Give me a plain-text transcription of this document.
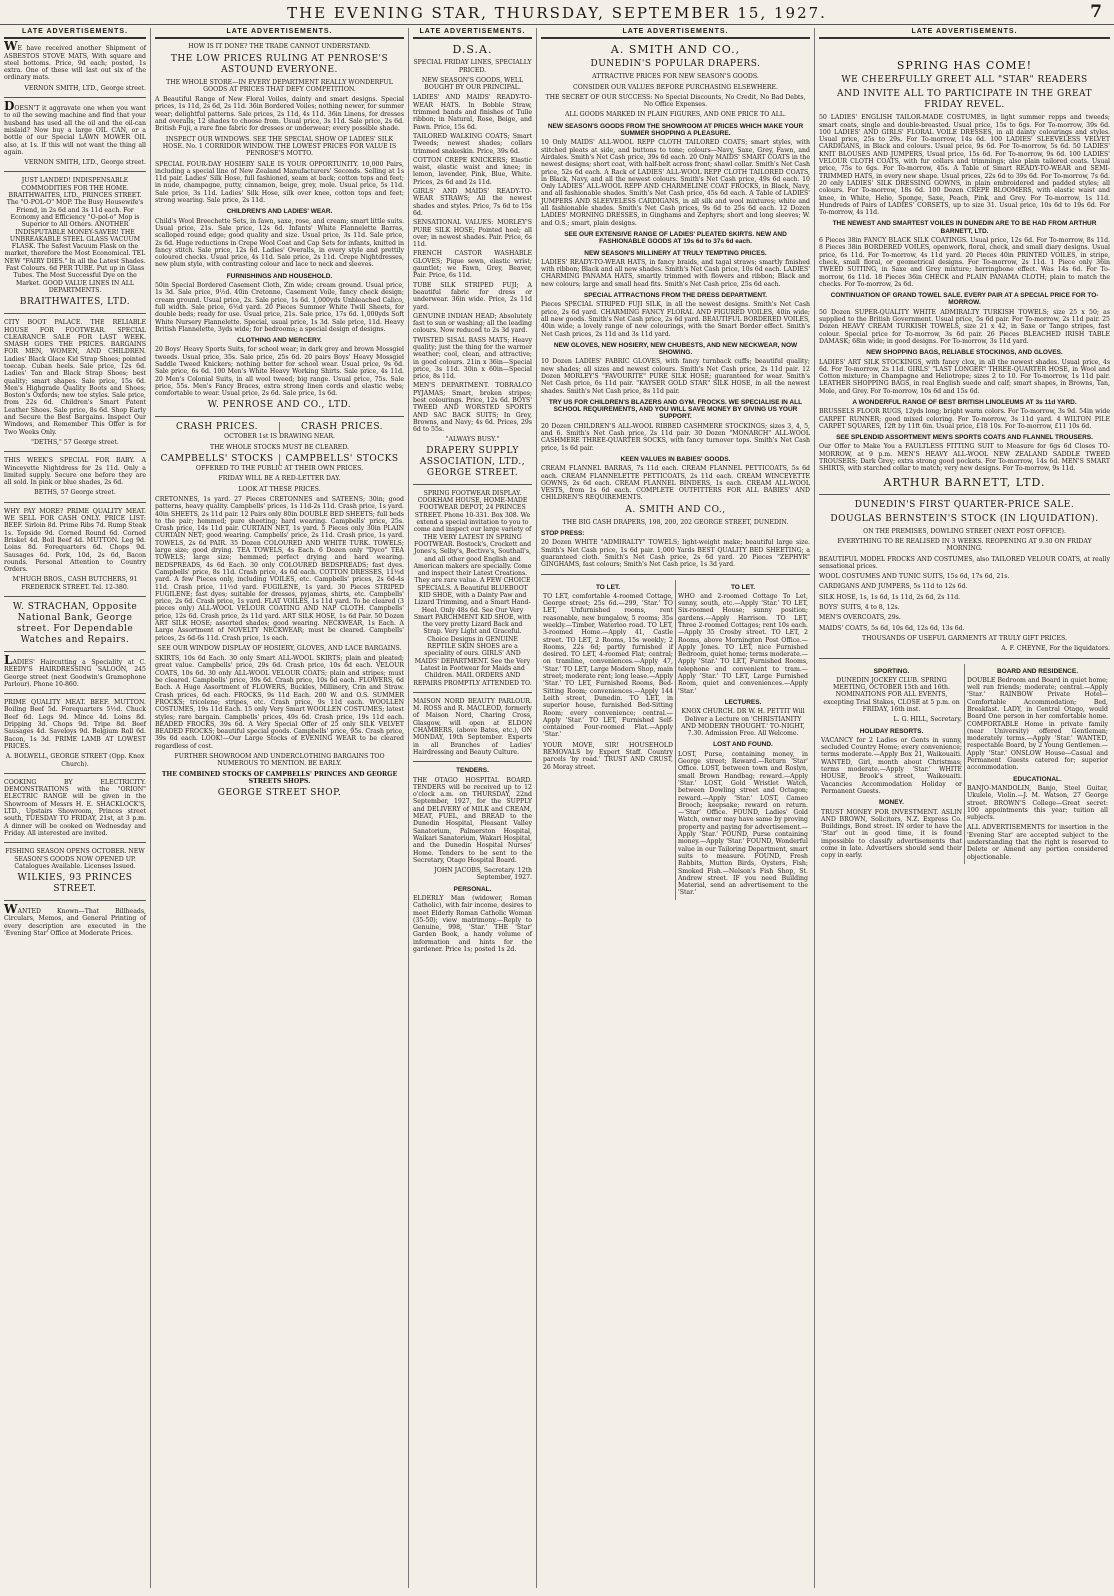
THE EVENING STAR, THURSDAY, SEPTEMBER 15, 1927.	7
LATE ADVERTISEMENTS.

WE have received another Shipment of ASBESTOS STOVE MATS, With square and steel bottoms. Price, 9d each; posted, 1s extra. One of these will last out six of the ordinary mats.

VERNON SMITH, LTD., George street.

DOESN'T it aggravate one when you want to oil the sewing machine and find that your husband has used all the oil and the oil-can mislaid? Now buy a large OIL CAN, or a bottle of our Special LAWN MOWER OIL also, at 1s. If this will not want the thing all again.

VERNON SMITH, LTD., George street.

JUST LANDED! INDISPENSABLE COMMODITIES FOR THE HOME. BRAITHWAITES, LTD., PRINCES STREET. The "O-POL-O" MOP. The Busy Housewife's Friend, in 2s 6d and 3s 11d each. For Economy and Efficiency "O-pol-o" Mop is Superior to All Others. ANOTHER INDISPUTABLE MONEY-SAVER! THE UNBREAKABLE STEEL GLASS VACUUM FLASK. The Safest Vacuum Flask on the market, therefore the Most Economical. TEL NEW "FAIRY DIES." In all the Latest Shades. Fast Colours. 6d PER TUBE. Put up in Glass Tubes. The Most Successful Dye on the Market. GOOD VALUE LINES IN ALL DEPARTMENTS.

BRAITHWAITES, LTD.

CITY BOOT PALACE. THE RELIABLE HOUSE FOR FOOTWEAR. SPECIAL CLEARANCE SALE FOR LAST WEEK. SMASH GOES THE PRICES. BARGAINS FOR MEN, WOMEN, AND CHILDREN. Ladies' Black Glace Kid Strap Shoes; pointed toecap. Cuban heels. Sale price, 12s 6d. Ladies' Tan and Black Strap Shoes; best quality; smart shapes. Sale price, 15s 6d. Men's Highgrade Quality Boots and Shoes; Boston's Oxfords; new toe styles. Sale price, from 22s 6d. Children's Smart Patent Leather Shoes. Sale price, 8s 6d. Shop Early and Secure the Best Bargains. Inspect Our Windows, and Remember This Offer is for Two Weeks Only.

"DETHS," 57 George street.

THIS WEEK'S SPECIAL FOR BABY. A Winceyette Nightdress for 2s 11d. Only a limited supply. Secure one before they are all sold. In pink or blue shades, 2s 6d.

BETHS, 57 George street.

WHY PAY MORE? PRIME QUALITY MEAT. WE SELL FOR CASH ONLY. PRICE LIST: BEEF. Sirloin 8d. Prime Ribs 7d. Rump Steak 1s. Topside 9d. Corned Round 6d. Corned Brisket 4d. Boil Beef 4d. MUTTON. Leg 9d. Loins 8d. Forequarters 6d. Chops 9d. Sausages 6d. Pork, 10d, 2s 6d, Bacon rounds. Personal Attention to Country Orders.

M'HUGH BROS., CASH BUTCHERS, 91 FREDERICK STREET. Tel. 12-380.

W. STRACHAN, Opposite National Bank, George street. For Dependable Watches and Repairs.

LADIES' Haircutting a Speciality at C. REEDY'S HAIRDRESSING SALOON, 245 George street (next Goodwin's Gramophone Parlour). Phone 10-860.

PRIME QUALITY MEAT. BEEF. MUTTON. Boiling Beef 5d. Forequarters 5½d. Chuck Beef 6d. Legs 9d. Mince 4d. Loins 8d. Dripping 3d. Chops 9d. Tripe 8d. Beef Sausages 4d. Saveloys 9d. Belgium Roll 6d. Bacon, 1s 3d. PRIME LAMB AT LOWEST PRICES.

A. BOLWELL, GEORGE STREET (Opp. Knox Church).

COOKING BY ELECTRICITY. DEMONSTRATIONS with the "ORION" ELECTRIC RANGE will be given in the Showroom of Messrs H. E. SHACKLOCK'S, LTD., Upstairs Showroom, Princes street south, TUESDAY TO FRIDAY, 21st, at 3 p.m. A dinner will be cooked on Wednesday and Friday. All interested are invited.

FISHING SEASON OPENS OCTOBER. NEW SEASON'S GOODS NOW OPENED UP. Catalogues Available. Licenses Issued.

WILKIES, 93 PRINCES STREET.

WANTED Known—That Billheads, Circulars, Memos, and General Printing of every description are executed in the 'Evening Star' Office at Moderate Prices.

LATE ADVERTISEMENTS.

HOW IS IT DONE? THE TRADE CANNOT UNDERSTAND.

THE LOW PRICES RULING AT PENROSE'S ASTOUND EVERYONE.

THE WHOLE STORE—IN EVERY DEPARTMENT REALLY WONDERFUL GOODS AT PRICES THAT DEFY COMPETITION.

A Beautiful Range of New Floral Voiles, dainty and smart designs. Special prices, 1s 11d, 2s 6d, 2s 11d. 36in Bordered Voiles; nothing newer, for summer wear; delightful patterns. Sale prices, 2s 11d, 4s 11d. 36in Linens, for dresses and overalls; 12 shades to choose from. Usual price, 3s 11d. Sale price, 2s 6d. British Fuji, a rare fine fabric for dresses or underwear; every possible shade.

INSPECT OUR WINDOWS. SEE THE SPECIAL SHOW OF LADIES' SILK HOSE. No. 1 CORRIDOR WINDOW. THE LOWEST PRICES FOR VALUE IS PENROSE'S MOTTO.

SPECIAL FOUR-DAY HOSIERY SALE IS YOUR OPPORTUNITY. 10,000 Pairs, including a special line of New Zealand Manufacturers' Seconds. Selling at 1s 11d pair. Ladies' Silk Hose, full fashioned, seam at back; cotton tops and feet; in nude, champagne, putty, cinnamon, beige, grey, mole. Usual price, 5s 11d. Sale price, 3s 11d. Ladies' Silk Hose, silk over knee, cotton tops and feet; strong wearing. Sale price, 2s 11d.

CHILDREN'S AND LADIES' WEAR.

Child's Wool Breechette Sets, in fawn, saxe, rose, and cream; smart little suits. Usual price, 21s. Sale price, 12s 6d. Infants' White Flannelette Barras, scalloped round edge; good quality and size. Usual price, 3s 11d. Sale price, 2s 6d. Huge reductions in Crepe Wool Coat and Cap Sets for infants, knitted in fancy stitch. Sale price, 12s 6d. Ladies' Overalls, in every style and prettily coloured checks. Usual price, 4s 11d. Sale price, 2s 11d. Crepe Nightdresses, new plum style, with contrasting colour and lace to neck and sleeves.

FURNISHINGS AND HOUSEHOLD.

50in Special Bordered Casement Cloth, Zin wide; cream ground. Usual price, 1s 3d. Sale price, 9½d. 40in Cretonne, Casement Voile, fancy check design; cream ground. Usual price, 2s. Sale price, 1s 6d. 1,000yds Unbleached Calico, full width. Sale price, 6½d yard. 20 Pieces Summer White Twill Sheets, for double beds; ready for use. Usual price, 21s. Sale price, 17s 6d. 1,000yds Soft White Nursery Flannelette. Special, usual price, 1s 3d. Sale price, 11d. Heavy British Flannelette, 3yds wide; for bedrooms; a special design of designs.

CLOTHING AND MERCERY.

20 Boys' Heavy Sports Suits, for school wear; in dark grey and brown Mossgiel tweeds. Usual price, 35s. Sale price, 25s 6d. 20 pairs Boys' Heavy Mossgiel Saddle Tweed Knickers; nothing better for school wear. Usual price, 9s 6d. Sale price, 6s 6d. 100 Men's White Heavy Working Shirts. Sale price, 4s 11d. 20 Men's Colonial Suits, in all wool tweed; big range. Usual price, 75s. Sale price, 55s. Men's Fancy Braces, extra strong linen cords and elastic webs; comfortable to wear. Usual price, 2s 6d. Sale price, 1s 6d.

W. PENROSE AND CO., LTD.

CRASH PRICES.	CRASH PRICES.

OCTOBER 1st IS DRAWING NEAR.

THE WHOLE STOCKS MUST BE CLEARED.

CAMPBELLS' STOCKS	CAMPBELLS' STOCKS

OFFERED TO THE PUBLIC AT THEIR OWN PRICES.

FRIDAY WILL BE A RED-LETTER DAY.

LOOK AT THESE PRICES.

CRETONNES, 1s yard. 27 Pieces CRETONNES and SATEENS; 30in; good patterns, heavy quality. Campbells' prices, 1s 11d-2s 11d. Crash price, 1s yard. 40in SHEETS, 2s 11d pair. 12 Pairs only 80in DOUBLE BED SHEETS; full beds to the pair; hemmed; pure sheeting; hard wearing. Campbells' price, 25s. Crash price, 14s 11d pair. CURTAIN NET, 1s yard. 5 Pieces only 30in PLAIN CURTAIN NET; good wearing. Campbells' price, 2s 11d. Crash price, 1s yard. TOWELS, 2s 6d PAIR. 35 Dozen COLOURED AND WHITE TURK. TOWELS; large size; good drying. TEA TOWELS, 4s Each. 6 Dozen only "Dyco" TEA TOWELS; large size; hemmed; perfect drying and hard wearing. BEDSPREADS, 4s 6d Each. 30 only COLOURED BEDSPREADS; fast dyes. Campbells' price, 8s 11d. Crash price, 4s 6d each. COTTON DRESSES, 11½d yard. A few Pieces only, including VOILES, etc. Campbells' prices, 2s 6d-4s 11d. Crash price, 11½d yard. FUGILENE, 1s yard. 30 Pieces STRIPED FUGILENE; fast dyes; suitable for dresses, pyjamas, shirts, etc. Campbells' price, 2s 6d. Crash price, 1s yard. FLAT VOILES, 1s 11d yard. To be cleared (3 pieces only) ALL-WOOL VELOUR COATING AND NAP CLOTH. Campbells' price, 12s 6d. Crash price, 2s 11d yard. ART SILK HOSE, 1s 6d Pair. 50 Dozen ART SILK HOSE; assorted shades; good wearing. NECKWEAR, 1s Each. A Large Assortment of NOVELTY NECKWEAR; must be cleared. Campbells' prices, 2s 6d-6s 11d. Crash price, 1s each.

SEE OUR WINDOW DISPLAY OF HOSIERY, GLOVES, AND LACE BARGAINS.

SKIRTS, 10s 6d Each. 30 only Smart ALL-WOOL SKIRTS; plain and pleated; great value. Campbells' price, 29s 6d. Crash price, 10s 6d each. VELOUR COATS, 10s 6d. 30 only ALL-WOOL VELOUR COATS; plain and stripes; must be cleared. Campbells' price, 39s 6d. Crash price, 10s 6d each. FLOWERS, 6d Each. A Huge Assortment of FLOWERS, Buckles, Millinery, Crin and Straw. Crash prices, 6d each. FROCKS, 9s 11d Each. 200 W. and O.S. SUMMER FROCKS; tricolene; stripes, etc. Crash price, 9s 11d each. WOOLLEN COSTUMES, 19s 11d Each. 15 only Very Smart WOOLLEN COSTUMES; latest styles; rare bargain. Campbells' prices, 49s 6d. Crash price, 19s 11d each. BEADED FROCKS, 39s 6d. A Very Special Offer of 25 only SILK VELVET BEADED FROCKS; beautiful special goods. Campbells' price, 95s. Crash price, 39s 6d each. LOOK!—Our Large Stocks of EVENING WEAR to be cleared regardless of cost.

FURTHER SHOWROOM AND UNDERCLOTHING BARGAINS TOO NUMEROUS TO MENTION. BE EARLY.

THE COMBINED STOCKS OF CAMPBELLS' PRINCES AND GEORGE STREETS SHOPS.

GEORGE STREET SHOP.

LATE ADVERTISEMENTS.

D.S.A.

SPECIAL FRIDAY LINES, SPECIALLY PRICED.

NEW SEASON'S GOODS, WELL BOUGHT BY OUR PRINCIPAL.

LADIES' AND MAIDS' READY-TO-WEAR HATS. In Bobble Straw, trimmed bands and finishes of Tulle ribbon; in Natural, Rose, Beige, and Fawn. Price, 15s 6d.

TAILORED WALKING COATS; Smart Tweeds; newest shades; collars trimmed snakeskin. Price, 39s 6d.

COTTON CREPE KNICKERS; Elastic waist, elastic waist and knee; in lemon, lavender, Pink, Blue, White. Prices, 2s 6d and 2s 11d.

GIRLS' AND MAIDS' READY-TO-WEAR STRAWS; All the newest shades and styles. Price, 7s 6d to 15s 6d.

SENSATIONAL VALUES: MORLEY'S PURE SILK HOSE; Pointed heel; all over; in newest shades. Pair. Price, 6s 11d.

FRENCH CASTOR WASHABLE GLOVES; Pique sewn, elastic wrist; gauntlet; we Fawn, Grey, Beaver, Pair. Price, 6s 11d.

TUBE SILK STRIPED FUJI; A beautiful fabric for dress or underwear. 36in wide. Price, 2s 11d yard.

GENUINE INDIAN HEAD; Absolutely fast to sun or washing; all the leading colours. Now reduced to 2s 3d yard.

TWISTED SISAL BASS MATS; Heavy quality; just the thing for the warmer weather; cool, clean, and attractive; in good colours. 21in x 36in—Special price, 3s 11d. 30in x 60in—Special price, 8s 11d.

MEN'S DEPARTMENT. TOBRALCO PYJAMAS; Smart, broken stripes; best colourings. Price, 12s 6d. BOYS' TWEED AND WORSTED SPORTS AND SAC BACK SUITS; In Grey, Browns, and Navy; 4s 6d. Prices, 29s 6d to 55s.

"ALWAYS BUSY."

DRAPERY SUPPLY ASSOCIATION, LTD., GEORGE STREET.

SPRING FOOTWEAR DISPLAY. COOKHAM HOUSE, HOME-MADE FOOTWEAR DEPOT, 24 PRINCES STREET. Phone 10-331. Box 308. We extend a special invitation to you to come and inspect our large variety of THE VERY LATEST IN SPRING FOOTWEAR. Bostock's, Crockett and Jones's, Selby's, Bective's, Southall's, and all other good English and American makers are specially. Come and inspect their Latest Creations. They are rare value. A FEW CHOICE SPECIALS. A Beautiful BLUEBOOT KID SHOE, with a Dainty Paw and Lizard Trimming, and a Smart Hand-Heel. Only 48s 6d. See Our Very Smart PARCHMENT KID SHOE, with the very pretty Lizard Back and Strap. Very Light and Graceful. Choice Designs in GENUINE REPTILE SKIN SHOES are a speciality of ours. GIRLS' AND MAIDS' DEPARTMENT. See the Very Latest in Footwear for Maids and Children. MAIL ORDERS AND REPAIRS PROMPTLY ATTENDED TO.

MAISON NORD BEAUTY PARLOUR. M. ROSS and R. MACLEOD, formerly of Maison Nord, Charing Cross, Glasgow, will open at ELDON CHAMBERS, (above Bates, etc.), ON MONDAY, 19th September. Experts in all Branches of Ladies' Hairdressing and Beauty Culture.

TENDERS.

THE OTAGO HOSPITAL BOARD. TENDERS will be received up to 12 o'clock a.m. on THURSDAY, 22nd September, 1927, for the SUPPLY and DELIVERY of MILK and CREAM, MEAT, FUEL, and BREAD to the Dunedin Hospital, Pleasant Valley Sanatorium, Palmerston Hospital, Waikari Sanatorium, Wakari Hospital, and the Dunedin Hospital Nurses' Home. Tenders to be sent to the Secretary, Otago Hospital Board.

JOHN JACOBS, Secretary. 12th September, 1927.

PERSONAL.

ELDERLY Man (widower, Roman Catholic), with fair income, desires to meet Elderly Roman Catholic Woman (35-50); view matrimony.—Reply to Genuine, 998, 'Star.' THE 'Star' Garden Book, a handy volume of information and hints for the gardener. Price 1s; posted 1s 2d.

LATE ADVERTISEMENTS.

A. SMITH AND CO.,

DUNEDIN'S POPULAR DRAPERS.

ATTRACTIVE PRICES FOR NEW SEASON'S GOODS.

CONSIDER OUR VALUES BEFORE PURCHASING ELSEWHERE.

THE SECRET OF OUR SUCCESS: No Special Discounts, No Credit, No Bad Debts, No Office Expenses.

ALL GOODS MARKED IN PLAIN FIGURES, AND ONE PRICE TO ALL.

NEW SEASON'S GOODS FROM THE SHOWROOM AT PRICES WHICH MAKE YOUR SUMMER SHOPPING A PLEASURE.

10 Only MAIDS' ALL-WOOL REPP CLOTH TAILORED COATS; smart styles, with stitched pleats at side, and buttons to tone; colours—Navy, Saxe, Grey, Fawn, and Airdales. Smith's Net Cash price, 39s 6d each. 20 Only MAIDS' SMART COATS in the newest designs; short coat, with half-belt across front; shawl collar. Smith's Net Cash price, 52s 6d each. A Rack of LADIES' ALL-WOOL REPP CLOTH TAILORED COATS, in Black, Navy, and all the newest colours. Smith's Net Cash price, 49s 6d each. 10 Only LADIES' ALL-WOOL REPP AND CHARMELINE COAT FROCKS, in Black, Navy, and all fashionable shades. Smith's Net Cash price, 45s 6d each. A Table of LADIES' JUMPERS AND SLEEVELESS CARDIGANS, in all silk and wool mixtures; white and all fashionable shades. Smith's Net Cash prices, 9s 6d to 25s 6d each. 12 Dozen LADIES' MORNING DRESSES, in Ginghams and Zephyrs; short and long sleeves; W. and O.S.; smart, plain designs.

SEE OUR EXTENSIVE RANGE OF LADIES' PLEATED SKIRTS. NEW AND FASHIONABLE GOODS AT 19s 6d to 37s 6d each.
NEW SEASON'S MILLINERY AT TRULY TEMPTING PRICES.

LADIES' READY-TO-WEAR HATS, in fancy braids, and tagal straws; smartly finished with ribbon; Black and all new shades. Smith's Net Cash price, 10s 6d each. LADIES' CHARMING PANAMA HATS, smartly trimmed with flowers and ribbon; Black and new colours; large and small head fits. Smith's Net Cash price, 25s 6d each.

SPECIAL ATTRACTIONS FROM THE DRESS DEPARTMENT.

Pieces SPECIAL STRIPED FUJI SILK, in all the newest designs. Smith's Net Cash price, 2s 6d yard. CHARMING FANCY FLORAL AND FIGURED VOILES, 40in wide; all new goods. Smith's Net Cash price, 2s 6d yard. BEAUTIFUL BORDERED VOILES, 40in wide; a lovely range of new colourings, with the Smart Border effect. Smith's Net Cash prices, 2s 11d and 3s 11d yard.

NEW GLOVES, NEW HOSIERY, NEW CHUBESTS, AND NEW NECKWEAR, NOW SHOWING.

10 Dozen LADIES' FABRIC GLOVES, with fancy turnback cuffs; beautiful quality; new shades; all sizes and newest colours. Smith's Net Cash price, 2s 11d pair. 12 Dozen MORLEY'S "FAVOURITE" PURE SILK HOSE; guaranteed for wear. Smith's Net Cash price, 6s 11d pair. "KAYSER GOLD STAR" SILK HOSE, in all the newest shades. Smith's Net Cash price, 8s 11d pair.

TRY US FOR CHILDREN'S BLAZERS AND GYM. FROCKS. WE SPECIALISE IN ALL SCHOOL REQUIREMENTS, AND YOU WILL SAVE MONEY BY GIVING US YOUR SUPPORT.

20 Dozen CHILDREN'S ALL-WOOL RIBBED CASHMERE STOCKINGS; sizes 3, 4, 5, and 6. Smith's Net Cash price, 2s 11d pair. 30 Dozen "MONARCH" ALL-WOOL CASHMERE THREE-QUARTER SOCKS, with fancy turnover tops. Smith's Net Cash price, 1s 6d pair.

KEEN VALUES IN BABIES' GOODS.

CREAM FLANNEL BARRAS, 7s 11d each. CREAM FLANNEL PETTICOATS, 5s 6d each. CREAM FLANNELETTE PETTICOATS, 2s 11d each. CREAM WINCEYETTE GOWNS, 2s 6d each. CREAM FLANNEL BINDERS, 1s each. CREAM ALL-WOOL VESTS, from 1s 6d each. COMPLETE OUTFITTERS FOR ALL BABIES' AND CHILDREN'S REQUIREMENTS.

A. SMITH AND CO.,

THE BIG CASH DRAPERS, 198, 200, 202 GEORGE STREET, DUNEDIN.

STOP PRESS:

20 Dozen WHITE "ADMIRALTY" TOWELS; light-weight make; beautiful large size. Smith's Net Cash price, 1s 6d pair. 1,000 Yards BEST QUALITY BED SHEETING; a guaranteed cloth. Smith's Net Cash price, 2s 6d yard. 20 Pieces "ZEPHYR" GINGHAMS, fast colours; Smith's Net Cash price, 1s 3d yard.

TO LET.

TO LET, comfortable 4-roomed Cottage, George street; 25s 6d.—299, 'Star.' TO LET, Unfurnished rooms, rent reasonable, new bungalow, 5 rooms; 35s weekly.—Timber, Waterloo road. TO LET, 3-roomed Home.—Apply 41, Castle street. TO LET, 2 Rooms, 15s weekly; 2 Rooms, 22s 6d; partly furnished if desired. TO LET, 4-roomed Flat; central; on tramline, conveniences.—Apply 47, 'Star.' TO LET, Large Modern Shop, main street; moderate rent; long lease.—Apply 'Star.' TO LET, Furnished Rooms, Bed-Sitting Room; conveniences.—Apply 144 Leith street, Dunedin. TO LET, in superior house, furnished Bed-Sitting Room; every convenience; central.—Apply 'Star.' TO LET, Furnished Self-contained Four-roomed Flat.—Apply 'Star.'

YOUR MOVE, SIR! HOUSEHOLD REMOVALS by Expert Staff. Country parcels 'by road.' TRUST AND CRUST, 26 Moray street.

TO LET.

WHO and 2-roomed Cottage To Let, sunny, south, etc.—Apply 'Star.' TO LET, Six-roomed House; sunny position; gardens.—Apply Harrison. TO LET, Three 2-roomed Cottages; rent 10s each.—Apply 35 Crosby street. TO LET, 2 Rooms, above Mornington Post Office.—Apply Jones. TO LET, nice Furnished Bedroom, quiet home; terms moderate.—Apply 'Star.' TO LET, Furnished Rooms, telephone and convenient to tram.—Apply 'Star.' TO LET, Large Furnished Room, quiet and conveniences.—Apply 'Star.'

LECTURES.

KNOX CHURCH. DR W. H. PETTIT Will Deliver a Lecture on 'CHRISTIANITY AND MODERN THOUGHT.' TO-NIGHT, 7.30. Admission Free. All Welcome.

LOST AND FOUND.

LOST, Purse, containing money, in George street; Reward.—Return 'Star' Office. LOST, between town and Roslyn, small Brown Handbag; reward.—Apply 'Star.' LOST, Gold Wristlet Watch, between Dowling street and Octagon; reward.—Apply 'Star.' LOST, Cameo Brooch; keepsake; reward on return.—'Star' Office. FOUND, Ladies' Gold Watch, owner may have same by proving property and paying for advertisement.—Apply 'Star.' FOUND, Purse containing money.—Apply 'Star.' FOUND, Wonderful value in our Tailoring Department, smart suits to measure. FOUND, Fresh Rabbits, Mutton Birds, Oysters, Fish; Smoked Fish.—Nelson's Fish Shop, St. Andrew street. IF you need Building Material, send an advertisement to the 'Star.'

LATE ADVERTISEMENTS.

SPRING HAS COME!

WE CHEERFULLY GREET ALL "STAR" READERS

AND INVITE ALL TO PARTICIPATE IN THE GREAT FRIDAY REVEL.

50 LADIES' ENGLISH TAILOR-MADE COSTUMES, in light summer repps and tweeds; smart coats, single and double-breasted. Usual price, 15s to 6gs. For To-morrow, 39s 6d. 100 LADIES' AND GIRLS' FLORAL VOILE DRESSES, in all dainty colourings and styles. Usual price, 25s to 29s. For To-morrow, 14s 6d. 100 LADIES' SLEEVELESS VELVET CARDIGANS, in Black and colours. Usual price, 9s 6d. For To-morrow, 5s 6d. 50 LADIES' KNIT BLOUSES AND JUMPERS, Usual price, 15s 6d. For To-morrow, 9s 6d. 100 LADIES' VELOUR CLOTH COATS, with fur collars and trimmings; also plain tailored coats. Usual price, 75s to 6gs. For To-morrow, 45s. A Table of Smart READY-TO-WEAR and SEMI-TRIMMED HATS, in every new shape. Usual prices, 22s 6d to 39s 6d. For To-morrow, 7s 6d. 20 only LADIES' SILK DRESSING GOWNS, in plain embroidered and padded styles; all colours. For To-morrow, 18s 6d. 100 Dozen CREPE BLOOMERS, with elastic waist and knee, in White, Helio, Sponge, Saxe, Peach, Pink, and Grey. For To-morrow, 1s 11d. Hundreds of Pairs of LADIES' CORSETS, up to size 31. Usual price, 10s 6d to 19s 6d. For To-morrow, 4s 11d.

THE NEWEST AND SMARTEST VOILES IN DUNEDIN ARE TO BE HAD FROM ARTHUR BARNETT, LTD.

6 Pieces 38in FANCY BLACK SILK COATINGS. Usual price, 12s 6d. For To-morrow, 8s 11d. 8 Pieces 38in BORDERED VOILES, openwork, floral, check, and small diary designs. Usual price, 6s 11d. For To-morrow, 4s 11d yard. 20 Pieces 40in PRINTED VOILES, in stripe, check, small floral, or geometrical designs. For To-morrow, 2s 11d. 1 Piece only 36in TWEED SUITING, in Saxe and Grey mixture; herringbone effect. Was 14s 6d. For To-morrow, 6s 11d. 18 Pieces 36in CHECK and PLAIN PANAMA CLOTH; plain to match the checks. For To-morrow, 2s 6d.

CONTINUATION OF GRAND TOWEL SALE. EVERY PAIR AT A SPECIAL PRICE FOR TO-MORROW.

50 Dozen SUPER-QUALITY WHITE ADMIRALTY TURKISH TOWELS; size 25 x 50; as supplied to the British Government. Usual price, 5s 6d pair. For To-morrow, 2s 11d pair. 25 Dozen HEAVY CREAM TURKISH TOWELS, size 21 x 42, in Saxe or Tango stripes, fast colour. Special price for To-morrow, 3s 6d pair. 26 Pieces BLEACHED IRISH TABLE DAMASK; 68in wide; in good designs. For To-morrow, 3s 11d yard.

NEW SHOPPING BAGS, RELIABLE STOCKINGS, AND GLOVES.

LADIES' ART SILK STOCKINGS, with fancy clox, in all the newest shades. Usual price, 4s 6d. For To-morrow, 2s 11d. GIRLS' "LAST LONGER" THREE-QUARTER HOSE, in Wool and Cotton mixture; in Champagne and Heliotrope; sizes 2 to 10. For To-morrow, 1s 11d pair. LEATHER SHOPPING BAGS, in real English suede and calf; smart shapes, in Browns, Tan, Mole, and Grey. For To-morrow, 10s 6d and 15s 6d.

A WONDERFUL RANGE OF BEST BRITISH LINOLEUMS AT 3s 11d YARD.

BRUSSELS FLOOR RUGS, 12yds long; bright warm colors. For To-morrow, 3s 9d. 54in wide CARPET RUNNER; good mixed coloring. For To-morrow, 3s 11d yard. 4 WILTON PILE CARPET SQUARES, 12ft by 11ft 6in. Usual price, £18 10s. For To-morrow, £11 10s 6d.

SEE SPLENDID ASSORTMENT MEN'S SPORTS COATS AND FLANNEL TROUSERS.

Our Offer to Make You a FAULTLESS FITTING SUIT to Measure for 6gs 6d Closes TO-MORROW, at 9 p.m. MEN'S HEAVY ALL-WOOL NEW ZEALAND SADDLE TWEED TROUSERS; Dark Grey; extra strong good pockets. For To-morrow, 14s 6d. MEN'S SMART SHIRTS, with starched collar to match; very new designs. For To-morrow, 9s 11d.

ARTHUR BARNETT, LTD.

DUNEDIN'S FIRST QUARTER-PRICE SALE.

DOUGLAS BERNSTEIN'S STOCK (IN LIQUIDATION).

ON THE PREMISES, DOWLING STREET (NEXT POST OFFICE).

EVERYTHING TO BE REALISED IN 3 WEEKS. REOPENING AT 9.30 ON FRIDAY MORNING.

BEAUTIFUL MODEL FROCKS AND COSTUMES, also TAILORED VELOUR COATS, at really sensational prices.

WOOL COSTUMES AND TUNIC SUITS, 15s 6d, 17s 6d, 21s.

CARDIGANS AND JUMPERS, 5s 11d to 12s 6d.

SILK HOSE, 1s, 1s 6d, 1s 11d, 2s 6d, 2s 11d.

BOYS' SUITS, 4 to 8, 12s.

MEN'S OVERCOATS, 29s.

MAIDS' COATS, 5s 6d, 10s 6d, 12s 6d, 13s 6d.

THOUSANDS OF USEFUL GARMENTS AT TRULY GIFT PRICES.

A. F. CHEYNE, For the liquidators.

SPORTING.

DUNEDIN JOCKEY CLUB. SPRING MEETING, OCTOBER 15th and 16th. NOMINATIONS FOR ALL EVENTS, excepting Trial Stakes, CLOSE at 5 p.m. on FRIDAY, 16th inst.

L. G. HILL, Secretary.

HOLIDAY RESORTS.

VACANCY for 2 Ladies or Gents in sunny, secluded Country Home; every convenience; terms moderate.—Apply Box 21, Waikouaiti. WANTED, Girl, month about Christmas; terms moderate.—Apply 'Star.' WHITE HOUSE, Brook's street, Waikouaiti. Vacancies Accommodation Holiday or Permanent Guests.

MONEY.

TRUST MONEY FOR INVESTMENT. ASLIN AND BROWN, Solicitors, N.Z. Express Co. Buildings, Bond street. IN order to have the 'Star' out in good time, it is found impossible to classify advertisements that come in late. Advertisers should send their copy in early.

BOARD AND RESIDENCE.

DOUBLE Bedroom and Board in quiet home; well run friends; moderate; central.—Apply 'Star.' RAINBOW Private Hotel—Comfortable Accommodation; Bed, Breakfast. LADY, in Central Otago, would Board One person in her comfortable home. COMFORTABLE Home in private family (near University) offered Gentleman; moderately terms.—Apply 'Star.' WANTED, respectable Board, by 2 Young Gentlemen.—Apply 'Star.' ONSLOW House—Casual and Permanent Guests catered for; superior accommodation.

EDUCATIONAL.

BANJO-MANDOLIN, Banjo, Steel Guitar, Ukulele, Violin.—J. M. Watson, 27 George street. BROWN'S College—Great secret: 100 appointments this year; tuition all subjects.

ALL ADVERTISEMENTS for insertion in the 'Evening Star' are accepted subject to the understanding that the right is reserved to Delete or Amend any portion considered objectionable.
